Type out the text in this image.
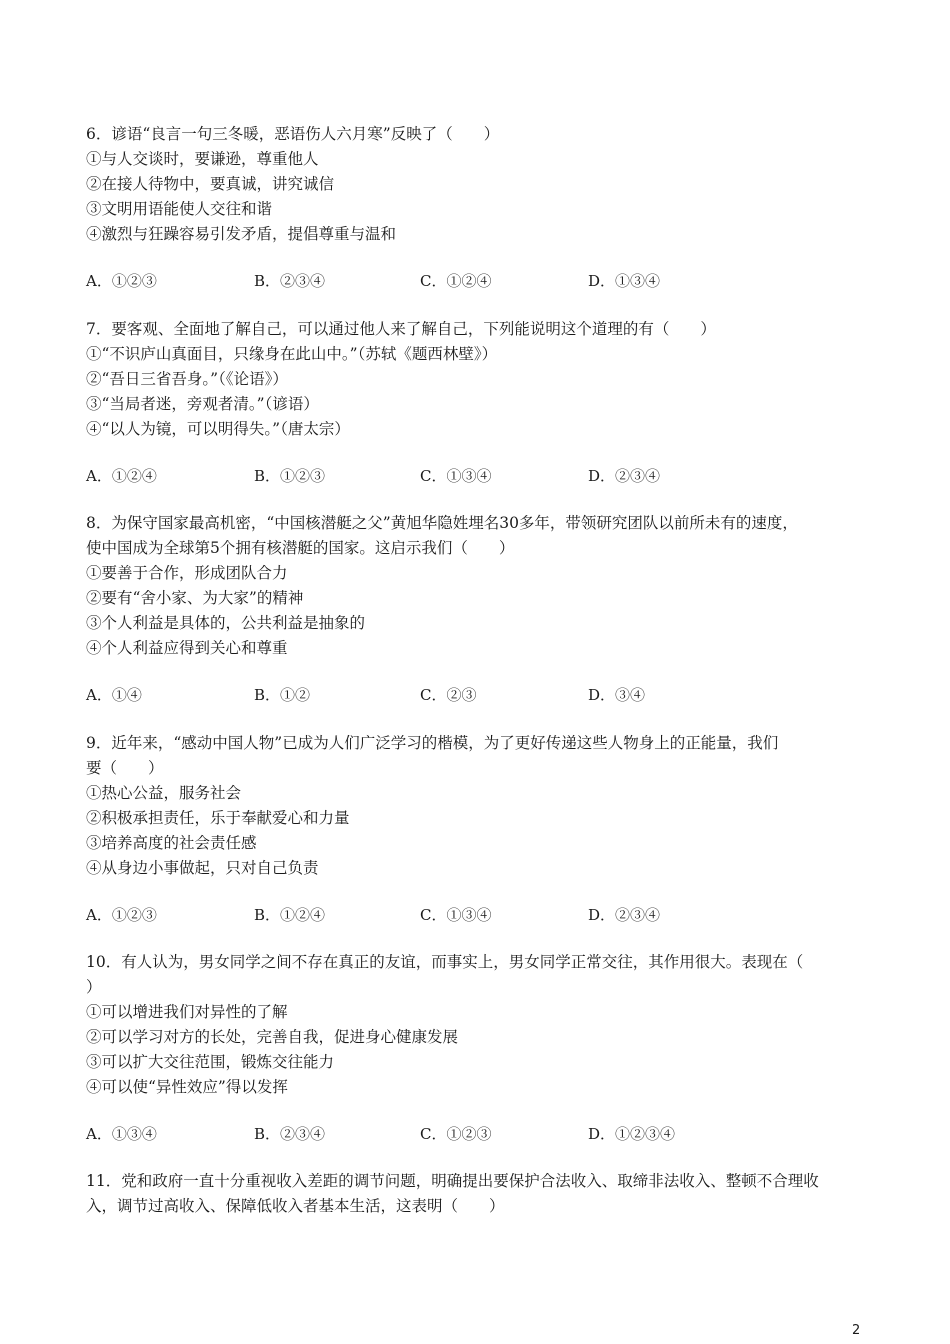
6．谚语“良言一句三冬暖，恶语伤人六月寒”反映了（　　）

①与人交谈时，要谦逊，尊重他人

②在接人待物中，要真诚，讲究诚信

③文明用语能使人交往和谐

④激烈与狂躁容易引发矛盾，提倡尊重与温和

A．①②③	B．②③④	C．①②④	D．①③④

7．要客观、全面地了解自己，可以通过他人来了解自己，下列能说明这个道理的有（　　）

①“不识庐山真面目，只缘身在此山中。”（苏轼《题西林壁》）

②“吾日三省吾身。”（《论语》）

③“当局者迷，旁观者清。”（谚语）

④“以人为镜，可以明得失。”（唐太宗）

A．①②④	B．①②③	C．①③④	D．②③④

8．为保守国家最高机密，“中国核潜艇之父”黄旭华隐姓埋名30多年，带领研究团队以前所未有的速度，

使中国成为全球第5个拥有核潜艇的国家。这启示我们（　　）

①要善于合作，形成团队合力

②要有“舍小家、为大家”的精神

③个人利益是具体的，公共利益是抽象的

④个人利益应得到关心和尊重

A．①④	B．①②	C．②③	D．③④

9．近年来，“感动中国人物”已成为人们广泛学习的楷模，为了更好传递这些人物身上的正能量，我们

要（　　）

①热心公益，服务社会

②积极承担责任，乐于奉献爱心和力量

③培养高度的社会责任感

④从身边小事做起，只对自己负责

A．①②③	B．①②④	C．①③④	D．②③④

10．有人认为，男女同学之间不存在真正的友谊，而事实上，男女同学正常交往，其作用很大。表现在（

）

①可以增进我们对异性的了解

②可以学习对方的长处，完善自我，促进身心健康发展

③可以扩大交往范围，锻炼交往能力

④可以使“异性效应”得以发挥

A．①③④	B．②③④	C．①②③	D．①②③④

11．党和政府一直十分重视收入差距的调节问题，明确提出要保护合法收入、取缔非法收入、整顿不合理收

入，调节过高收入、保障低收入者基本生活，这表明（　　）

2
